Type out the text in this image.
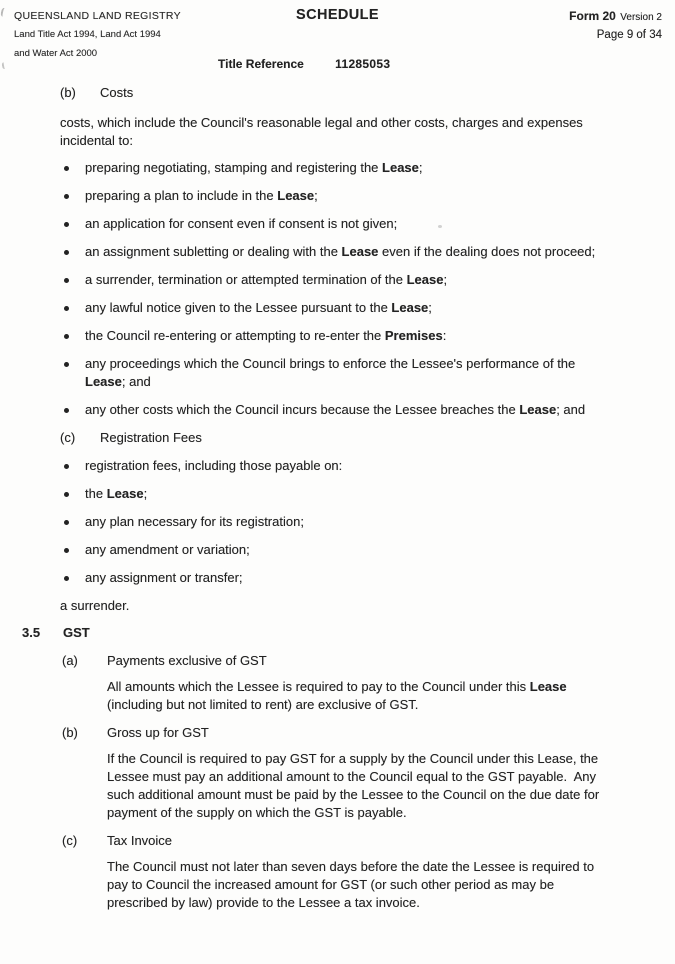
QUEENSLAND LAND REGISTRY
Land Title Act 1994, Land Act 1994
and Water Act 2000
SCHEDULE	Form 20 Version 2
Page 9 of 34
Title Reference	11285053
(b) Costs
costs, which include the Council's reasonable legal and other costs, charges and expenses
incidental to:
preparing negotiating, stamping and registering the Lease;
preparing a plan to include in the Lease;
an application for consent even if consent is not given;
an assignment subletting or dealing with the Lease even if the dealing does not proceed;
a surrender, termination or attempted termination of the Lease;
any lawful notice given to the Lessee pursuant to the Lease;
the Council re-entering or attempting to re-enter the Premises:
any proceedings which the Council brings to enforce the Lessee's performance of the
Lease; and
any other costs which the Council incurs because the Lessee breaches the Lease; and
(c) Registration Fees
registration fees, including those payable on:
the Lease;
any plan necessary for its registration;
any amendment or variation;
any assignment or transfer;
a surrender.
3.5 GST
(a) Payments exclusive of GST
All amounts which the Lessee is required to pay to the Council under this Lease
(including but not limited to rent) are exclusive of GST.
(b) Gross up for GST
If the Council is required to pay GST for a supply by the Council under this Lease, the
Lessee must pay an additional amount to the Council equal to the GST payable.  Any
such additional amount must be paid by the Lessee to the Council on the due date for
payment of the supply on which the GST is payable.
(c) Tax Invoice
The Council must not later than seven days before the date the Lessee is required to
pay to Council the increased amount for GST (or such other period as may be
prescribed by law) provide to the Lessee a tax invoice.
